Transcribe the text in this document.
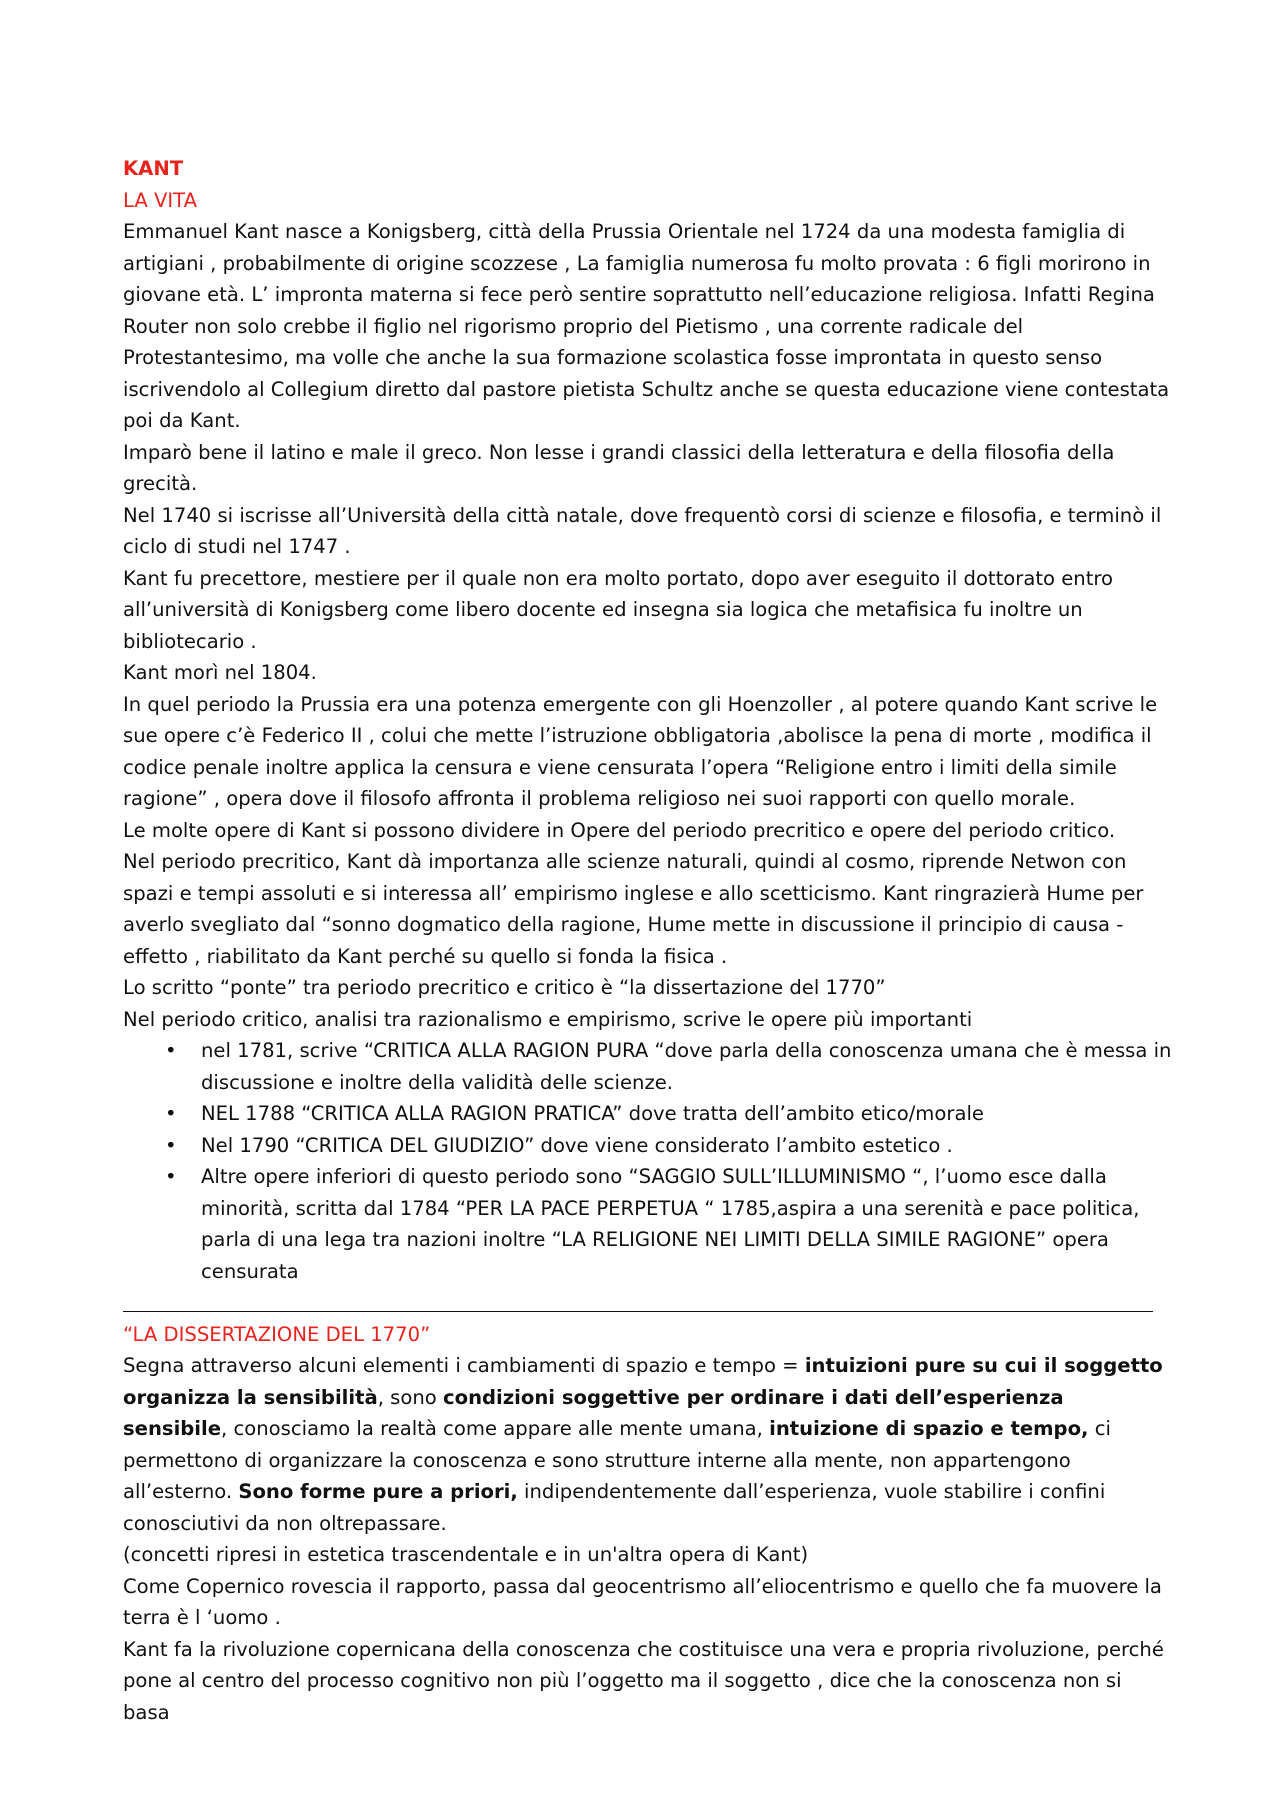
KANT

LA VITA

Emmanuel Kant nasce a Konigsberg, città della Prussia Orientale nel 1724 da una modesta famiglia di artigiani , probabilmente di origine scozzese , La famiglia numerosa fu molto provata : 6 figli morirono in giovane età. L’ impronta materna si fece però sentire soprattutto nell’educazione religiosa. Infatti Regina Router non solo crebbe il figlio nel rigorismo proprio del Pietismo , una corrente radicale del Protestantesimo, ma volle che anche la sua formazione scolastica fosse improntata in questo senso iscrivendolo al Collegium diretto dal pastore pietista Schultz anche se questa educazione viene contestata poi da Kant.

Imparò bene il latino e male il greco. Non lesse i grandi classici della letteratura e della filosofia della grecità.

Nel 1740 si iscrisse all’Università della città natale, dove frequentò corsi di scienze e filosofia, e terminò il ciclo di studi nel 1747 .

Kant fu precettore, mestiere per il quale non era molto portato, dopo aver eseguito il dottorato entro all’università di Konigsberg come libero docente ed insegna sia logica che metafisica fu inoltre un bibliotecario .

Kant morì nel 1804.

In quel periodo la Prussia era una potenza emergente con gli Hoenzoller , al potere quando Kant scrive le sue opere c’è Federico II , colui che mette l’istruzione obbligatoria ,abolisce la pena di morte , modifica il codice penale inoltre applica la censura e viene censurata l’opera “Religione entro i limiti della simile ragione” , opera dove il filosofo affronta il problema religioso nei suoi rapporti con quello morale.

Le molte opere di Kant si possono dividere in Opere del periodo precritico e opere del periodo critico.

Nel periodo precritico, Kant dà importanza alle scienze naturali, quindi al cosmo, riprende Netwon con spazi e tempi assoluti e si interessa all’ empirismo inglese e allo scetticismo. Kant ringrazierà Hume per averlo svegliato dal “sonno dogmatico della ragione, Hume mette in discussione il principio di causa -effetto , riabilitato da Kant perché su quello si fonda la fisica .

Lo scritto “ponte” tra periodo precritico e critico è “la dissertazione del 1770”

Nel periodo critico, analisi tra razionalismo e empirismo, scrive le opere più importanti

• nel 1781, scrive “CRITICA ALLA RAGION PURA “dove parla della conoscenza umana che è messa in discussione e inoltre della validità delle scienze.
• NEL 1788 “CRITICA ALLA RAGION PRATICA” dove tratta dell’ambito etico/morale
• Nel 1790 “CRITICA DEL GIUDIZIO” dove viene considerato l’ambito estetico .
• Altre opere inferiori di questo periodo sono “SAGGIO SULL’ILLUMINISMO “, l’uomo esce dalla minorità, scritta dal 1784 “PER LA PACE PERPETUA “ 1785,aspira a una serenità e pace politica, parla di una lega tra nazioni inoltre “LA RELIGIONE NEI LIMITI DELLA SIMILE RAGIONE” opera censurata

“LA DISSERTAZIONE DEL 1770”

Segna attraverso alcuni elementi i cambiamenti di spazio e tempo = intuizioni pure su cui il soggetto organizza la sensibilità, sono condizioni soggettive per ordinare i dati dell’esperienza sensibile, conosciamo la realtà come appare alle mente umana, intuizione di spazio e tempo, ci permettono di organizzare la conoscenza e sono strutture interne alla mente, non appartengono all’esterno. Sono forme pure a priori, indipendentemente dall’esperienza, vuole stabilire i confini conosciutivi da non oltrepassare.

(concetti ripresi in estetica trascendentale e in un'altra opera di Kant)

Come Copernico rovescia il rapporto, passa dal geocentrismo all’eliocentrismo e quello che fa muovere la terra è l ‘uomo .

Kant fa la rivoluzione copernicana della conoscenza che costituisce una vera e propria rivoluzione, perché pone al centro del processo cognitivo non più l’oggetto ma il soggetto , dice che la conoscenza non si basa
